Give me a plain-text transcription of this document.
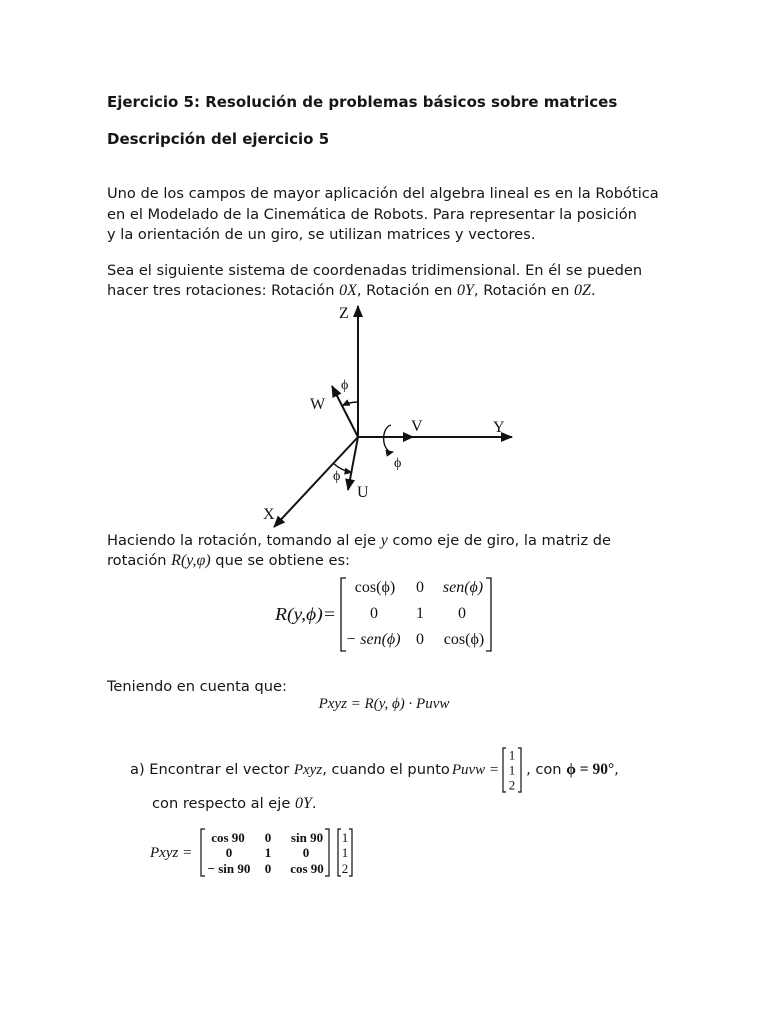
Ejercicio 5: Resolución de problemas básicos sobre matrices
Descripción del ejercicio 5
Uno de los campos de mayor aplicación del algebra lineal es en la Robótica
en el Modelado de la Cinemática de Robots. Para representar la posición
y la orientación de un giro, se utilizan matrices y vectores.
Sea el siguiente sistema de coordenadas tridimensional. En él se pueden
hacer tres rotaciones: Rotación 0X, Rotación en 0Y, Rotación en 0Z.
Z
W
V	Y
X
U
ϕ
ϕ
ϕ
Haciendo la rotación, tomando al eje y como eje de giro, la matriz de
rotación R(y,φ) que se obtiene es:
R(y,ϕ)=
cos(ϕ) 0 sen(ϕ)
0 1 0
− sen(ϕ) 0 cos(ϕ)
Teniendo en cuenta que:
Pxyz = R(y, ϕ) · Puvw
a) Encontrar el vector Pxyz , cuando el punto Puvw =
1
1
2
, con ϕ = 90° ,
con respecto al eje 0Y.
Pxyz =
cos 90 0 sin 90
0	1 0
− sin 90 0 cos 90
1
1
2
